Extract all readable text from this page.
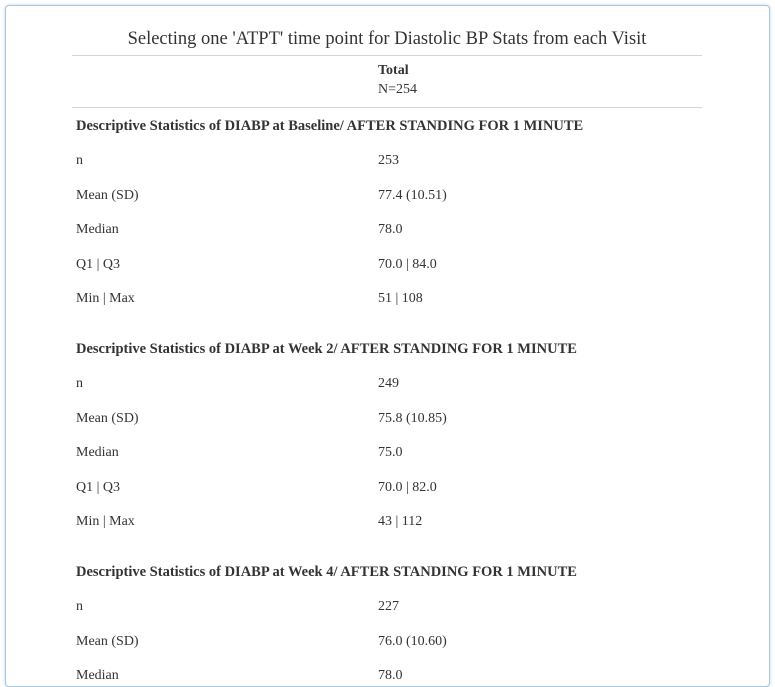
Selecting one 'ATPT' time point for Diastolic BP Stats from each Visit
Total
N=254
Descriptive Statistics of DIABP at Baseline/ AFTER STANDING FOR 1 MINUTE
n	253
Mean (SD)	77.4 (10.51)
Median	78.0
Q1 | Q3	70.0 | 84.0
Min | Max	51 | 108
Descriptive Statistics of DIABP at Week 2/ AFTER STANDING FOR 1 MINUTE
n	249
Mean (SD)	75.8 (10.85)
Median	75.0
Q1 | Q3	70.0 | 82.0
Min | Max	43 | 112
Descriptive Statistics of DIABP at Week 4/ AFTER STANDING FOR 1 MINUTE
n	227
Mean (SD)	76.0 (10.60)
Median	78.0
